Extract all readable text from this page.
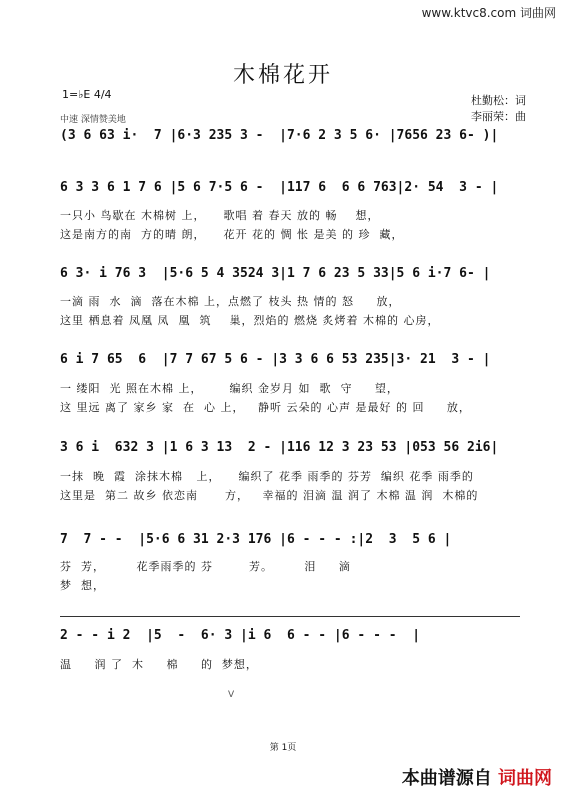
www.ktvc8.com 词曲网
木棉花开
1=♭E 4/4
中速 深情赞美地
杜勤松：词
李丽荣：曲
(3 6 63 i·  7 |6·3 235 3 -  |7·6 2 3 5 6· |7656 23 6- )|
6 3 3 6 1 7 6 |5 6 7·5 6 -  |117 6  6 6 763|2· 54  3 - |
一只小 鸟歇在 木棉树 上，    歌唱 着 春天 放的 畅    想，
这是南方的南  方的晴 朗，    花开 花的 惆 怅 是美 的 珍  藏，
6 3· i 76 3  |5·6 5 4 3524 3|1 7 6 23 5 33|5 6 i·7 6- |
一滴 雨  水  滴  落在木棉 上，点燃了 枝头 热 情的 怒     放，
这里 栖息着 凤凰 凤  凰  筑    巢，烈焰的 燃烧 炙烤着 木棉的 心房，
6 i 7 65  6  |7 7 67 5 6 - |3 3 6 6 53 235|3· 21  3 - |
一 缕阳  光 照在木棉 上，      编织 金岁月 如  歌  守     望，
这 里远 离了 家乡 家  在  心 上，   静听 云朵的 心声 是最好 的 回     放，
3 6 i  632 3 |1 6 3 13  2 - |116 12 3 23 53 |053 56 2i6|
一抹  晚  霞  涂抹木棉   上，    编织了 花季 雨季的 芬芳  编织 花季 雨季的
这里是  第二 故乡 依恋南      方，   幸福的 泪滴 温 润了 木棉 温 润  木棉的
7  7 - -  |5·6 6 31 2·3 176 |6 - - - :|2  3  5 6 |
芬  芳，       花季雨季的 芬        芳。       泪     滴
梦  想，
2 - - i 2  |5  -  6· 3 |i 6  6 - - |6 - - -  |
温     润 了  木     棉     的  梦想，
V
第 1页
本曲谱源自 词曲网
